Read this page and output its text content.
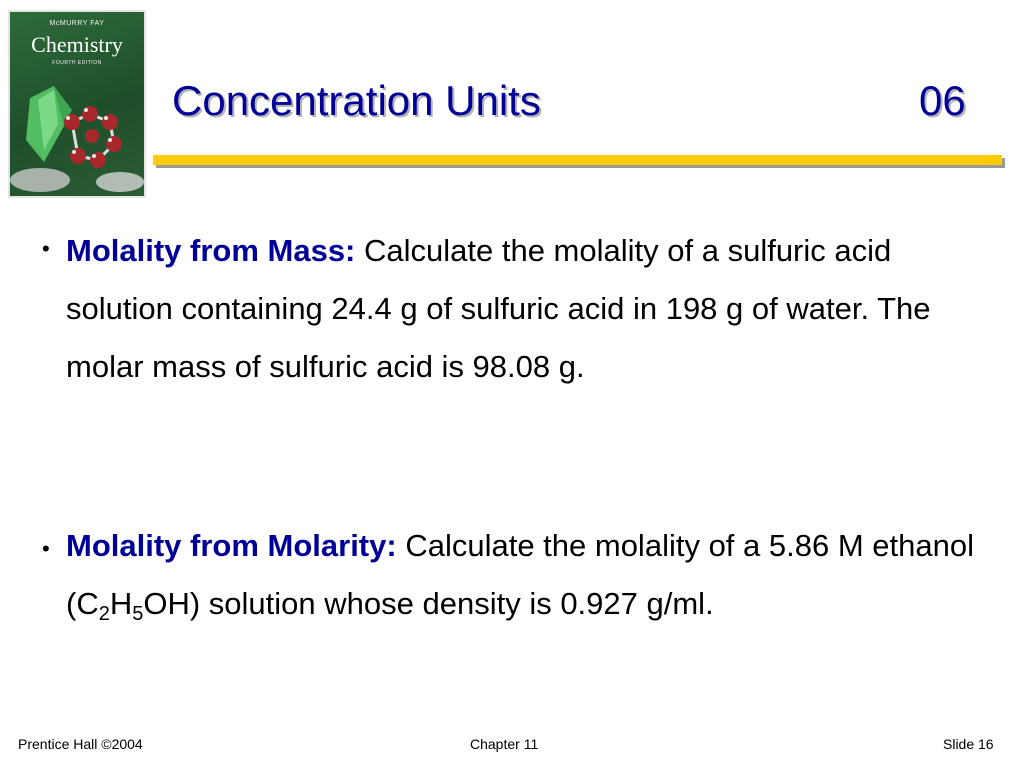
McMURRY FAY
Chemistry
FOURTH EDITION
Concentration Units	06
• Molality from Mass: Calculate the molality of a sulfuric acid solution containing 24.4 g of sulfuric acid in 198 g of water. The molar mass of sulfuric acid is 98.08 g.
• Molality from Molarity: Calculate the molality of a 5.86 M ethanol $(C_2H_5OH)$ solution whose density is 0.927 g/ml.
Prentice Hall ©2004	Chapter 11	Slide 16
